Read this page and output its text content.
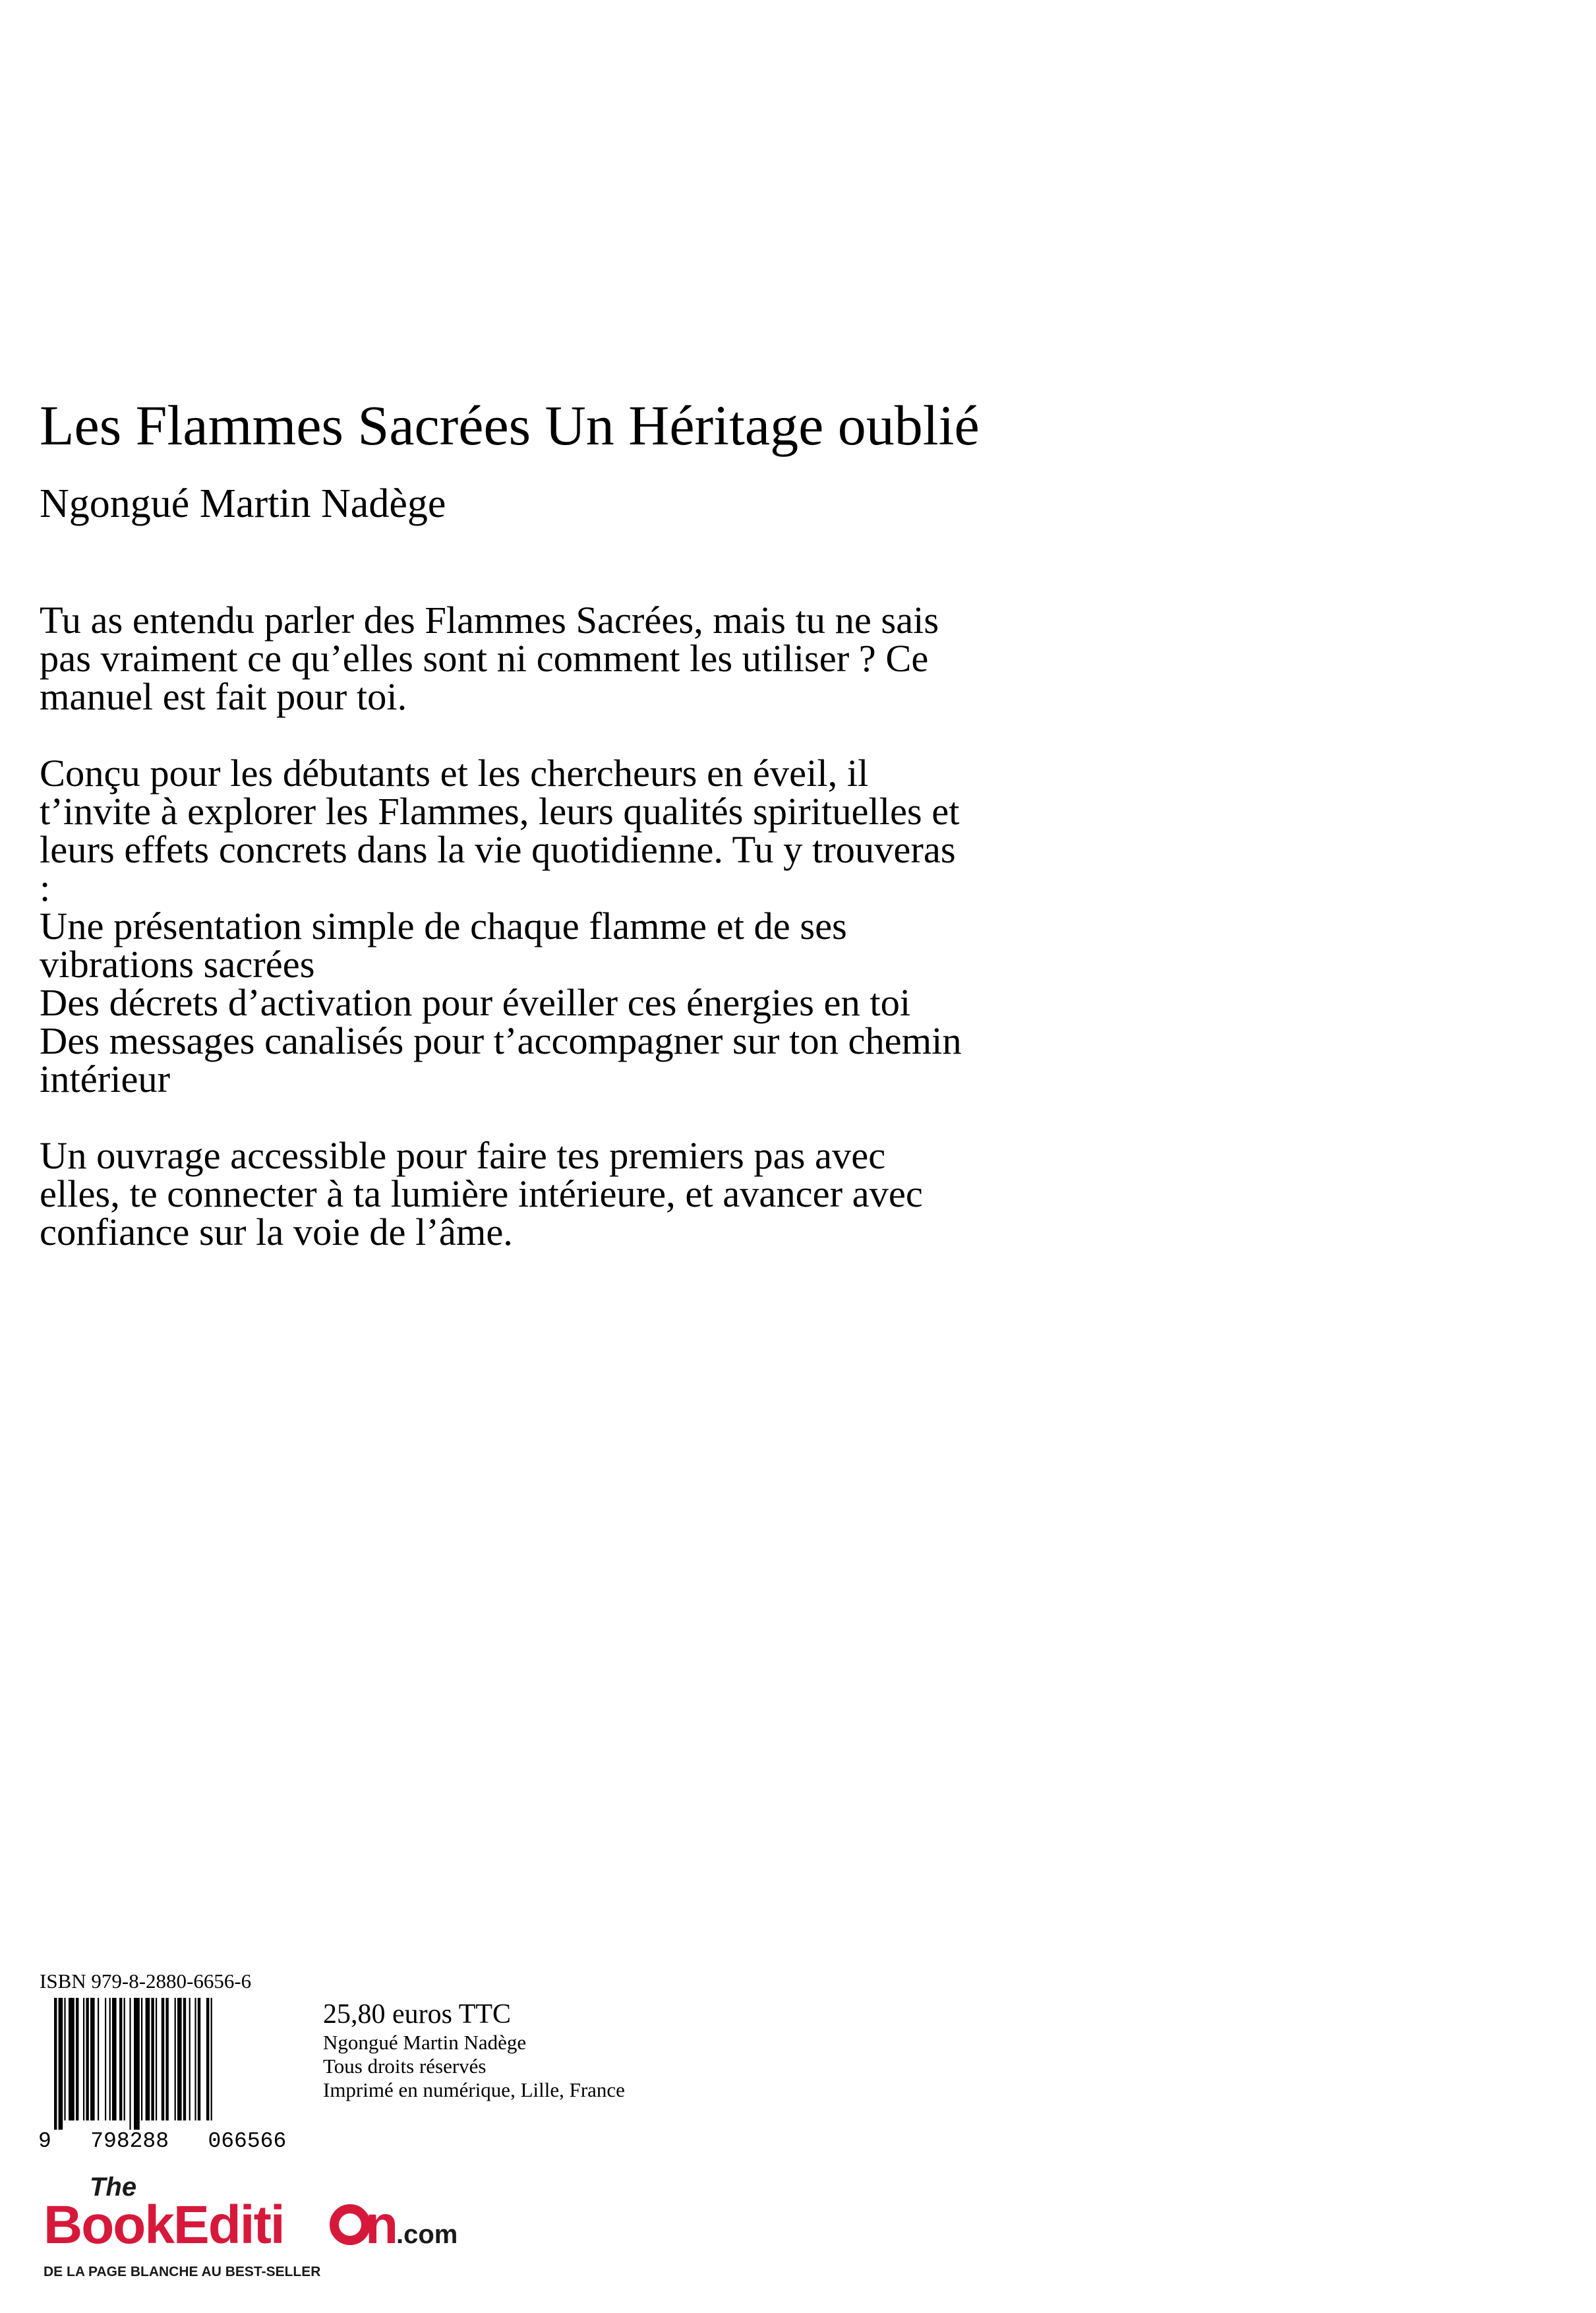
Les Flammes Sacrées Un Héritage oublié
Ngongué Martin Nadège

Tu as entendu parler des Flammes Sacrées, mais tu ne sais

pas vraiment ce qu’elles sont ni comment les utiliser ? Ce

manuel est fait pour toi.

Conçu pour les débutants et les chercheurs en éveil, il

t’invite à explorer les Flammes, leurs qualités spirituelles et

leurs effets concrets dans la vie quotidienne. Tu y trouveras

:

Une présentation simple de chaque flamme et de ses

vibrations sacrées

Des décrets d’activation pour éveiller ces énergies en toi

Des messages canalisés pour t’accompagner sur ton chemin

intérieur

Un ouvrage accessible pour faire tes premiers pas avec

elles, te connecter à ta lumière intérieure, et avancer avec

confiance sur la voie de l’âme.

ISBN 979-8-2880-6656-6
9   798288   066566
25,80 euros TTC
Ngongué Martin Nadège
Tous droits réservés
Imprimé en numérique, Lille, France
The
BookEditi n
.com
DE LA PAGE BLANCHE AU BEST-SELLER
